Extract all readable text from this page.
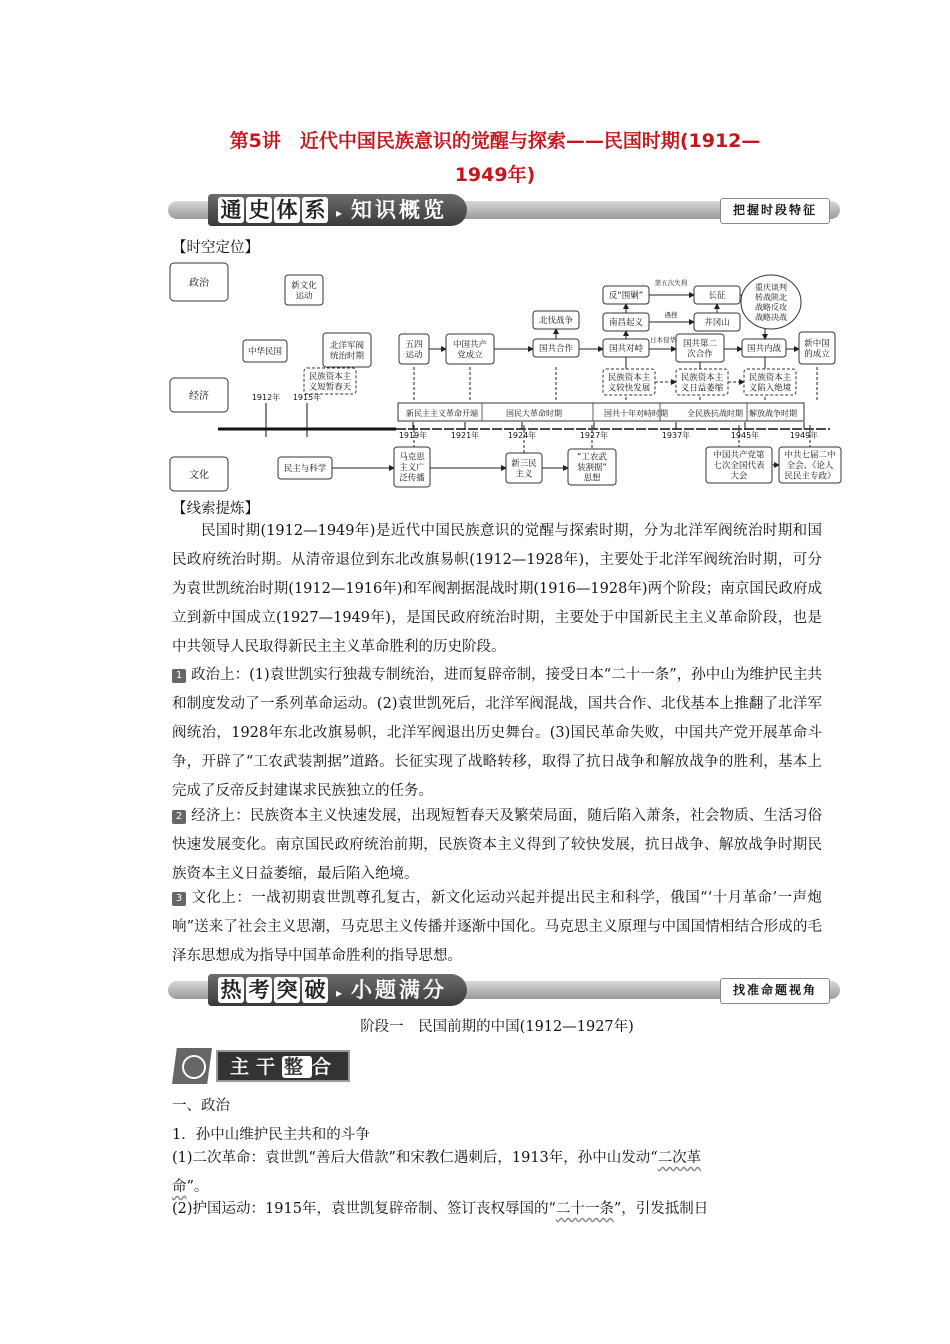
第5讲　近代中国民族意识的觉醒与探索——民国时期(1912—
1949年)
通 史 体 系 ▸ 知识概览	把握时段特征
【时空定位】
政治
经济
文化
第五次失利
遇挫
日本侵华
新文化
运动
中华民国
北洋军阀
统治时期
民族资本主
义短暂春天
五四
运动
中国共产
党成立
北伐战争
国共合作
反“围剿”
南昌起义
国共对峙
长征
井冈山
国共第二
次合作
重庆谈判
转战陕北
战略反攻
战略决战
国共内战
新中国
的成立
民族资本主
义较快发展
民族资本主
义日益萎缩
民族资本主
义陷入绝境
民主与科学
马克思
主义广
泛传播
新三民
主义
“工农武
装割据”
思想
中国共产党第
七次全国代表
大会
中共七届二中
全会、《论人
民民主专政》
新民主主义革命开端	国民大革命时期	国共十年对峙时期 全民族抗战时期 解放战争时期
1912年 1915年
1919年	1921年	1924年	1927年	1937年	1945年	1949年
【线索提炼】
民国时期(1912—1949年)是近代中国民族意识的觉醒与探索时期，分为北洋军阀统治时期和国民政府统治时期。从清帝退位到东北改旗易帜(1912—1928年)，主要处于北洋军阀统治时期，可分为袁世凯统治时期(1912—1916年)和军阀割据混战时期(1916—1928年)两个阶段；南京国民政府成立到新中国成立(1927—1949年)，是国民政府统治时期，主要处于中国新民主主义革命阶段，也是中共领导人民取得新民主主义革命胜利的历史阶段。
1 政治上：(1)袁世凯实行独裁专制统治，进而复辟帝制，接受日本“二十一条”，孙中山为维护民主共和制度发动了一系列革命运动。(2)袁世凯死后，北洋军阀混战，国共合作、北伐基本上推翻了北洋军阀统治，1928年东北改旗易帜，北洋军阀退出历史舞台。(3)国民革命失败，中国共产党开展革命斗争，开辟了“工农武装割据”道路。长征实现了战略转移，取得了抗日战争和解放战争的胜利，基本上完成了反帝反封建谋求民族独立的任务。
2 经济上：民族资本主义快速发展，出现短暂春天及繁荣局面，随后陷入萧条，社会物质、生活习俗快速发展变化。南京国民政府统治前期，民族资本主义得到了较快发展，抗日战争、解放战争时期民族资本主义日益萎缩，最后陷入绝境。
3 文化上：一战初期袁世凯尊孔复古，新文化运动兴起并提出民主和科学，俄国“‘十月革命’一声炮响”送来了社会主义思潮，马克思主义传播并逐渐中国化。马克思主义原理与中国国情相结合形成的毛泽东思想成为指导中国革命胜利的指导思想。
热 考 突 破 ▸ 小题满分	找准命题视角
阶段一　民国前期的中国(1912—1927年)
主干 整 合
一、政治
1．孙中山维护民主共和的斗争
(1)二次革命：袁世凯“善后大借款”和宋教仁遇刺后，1913年，孙中山发动“二次革
命”。
(2)护国运动：1915年，袁世凯复辟帝制、签订丧权辱国的“二十一条”，引发抵制日
